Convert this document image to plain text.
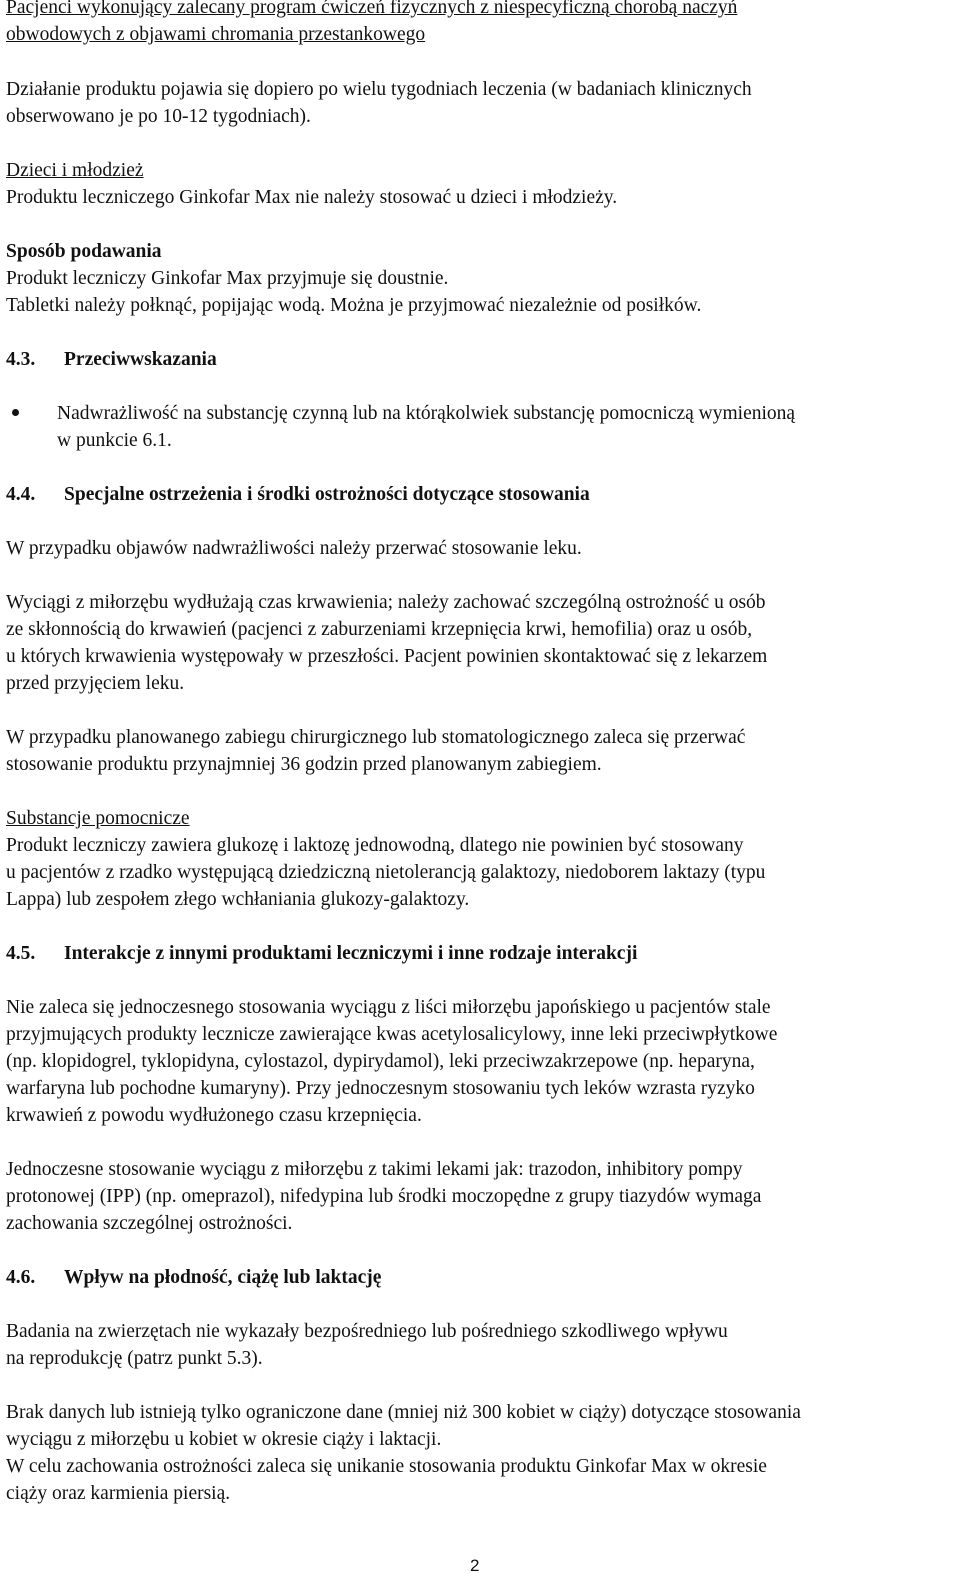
Pacjenci wykonujący zalecany program ćwiczeń fizycznych z niespecyficzną chorobą naczyń
obwodowych z objawami chromania przestankowego
Działanie produktu pojawia się dopiero po wielu tygodniach leczenia (w badaniach klinicznych
obserwowano je po 10-12 tygodniach).
Dzieci i młodzież
Produktu leczniczego Ginkofar Max nie należy stosować u dzieci i młodzieży.
Sposób podawania
Produkt leczniczy Ginkofar Max przyjmuje się doustnie.
Tabletki należy połknąć, popijając wodą. Można je przyjmować niezależnie od posiłków.
4.3. Przeciwwskazania
Nadwrażliwość na substancję czynną lub na którąkolwiek substancję pomocniczą wymienioną
w punkcie 6.1.
4.4. Specjalne ostrzeżenia i środki ostrożności dotyczące stosowania
W przypadku objawów nadwrażliwości należy przerwać stosowanie leku.
Wyciągi z miłorzębu wydłużają czas krwawienia; należy zachować szczególną ostrożność u osób
ze skłonnością do krwawień (pacjenci z zaburzeniami krzepnięcia krwi, hemofilia) oraz u osób,
u których krwawienia występowały w przeszłości. Pacjent powinien skontaktować się z lekarzem
przed przyjęciem leku.
W przypadku planowanego zabiegu chirurgicznego lub stomatologicznego zaleca się przerwać
stosowanie produktu przynajmniej 36 godzin przed planowanym zabiegiem.
Substancje pomocnicze
Produkt leczniczy zawiera glukozę i laktozę jednowodną, dlatego nie powinien być stosowany
u pacjentów z rzadko występującą dziedziczną nietolerancją galaktozy, niedoborem laktazy (typu
Lappa) lub zespołem złego wchłaniania glukozy-galaktozy.
4.5. Interakcje z innymi produktami leczniczymi i inne rodzaje interakcji
Nie zaleca się jednoczesnego stosowania wyciągu z liści miłorzębu japońskiego u pacjentów stale
przyjmujących produkty lecznicze zawierające kwas acetylosalicylowy, inne leki przeciwpłytkowe
(np. klopidogrel, tyklopidyna, cylostazol, dypirydamol), leki przeciwzakrzepowe (np. heparyna,
warfaryna lub pochodne kumaryny). Przy jednoczesnym stosowaniu tych leków wzrasta ryzyko
krwawień z powodu wydłużonego czasu krzepnięcia.
Jednoczesne stosowanie wyciągu z miłorzębu z takimi lekami jak: trazodon, inhibitory pompy
protonowej (IPP) (np. omeprazol), nifedypina lub środki moczopędne z grupy tiazydów wymaga
zachowania szczególnej ostrożności.
4.6. Wpływ na płodność, ciążę lub laktację
Badania na zwierzętach nie wykazały bezpośredniego lub pośredniego szkodliwego wpływu
na reprodukcję (patrz punkt 5.3).
Brak danych lub istnieją tylko ograniczone dane (mniej niż 300 kobiet w ciąży) dotyczące stosowania
wyciągu z miłorzębu u kobiet w okresie ciąży i laktacji.
W celu zachowania ostrożności zaleca się unikanie stosowania produktu Ginkofar Max w okresie
ciąży oraz karmienia piersią.
2
